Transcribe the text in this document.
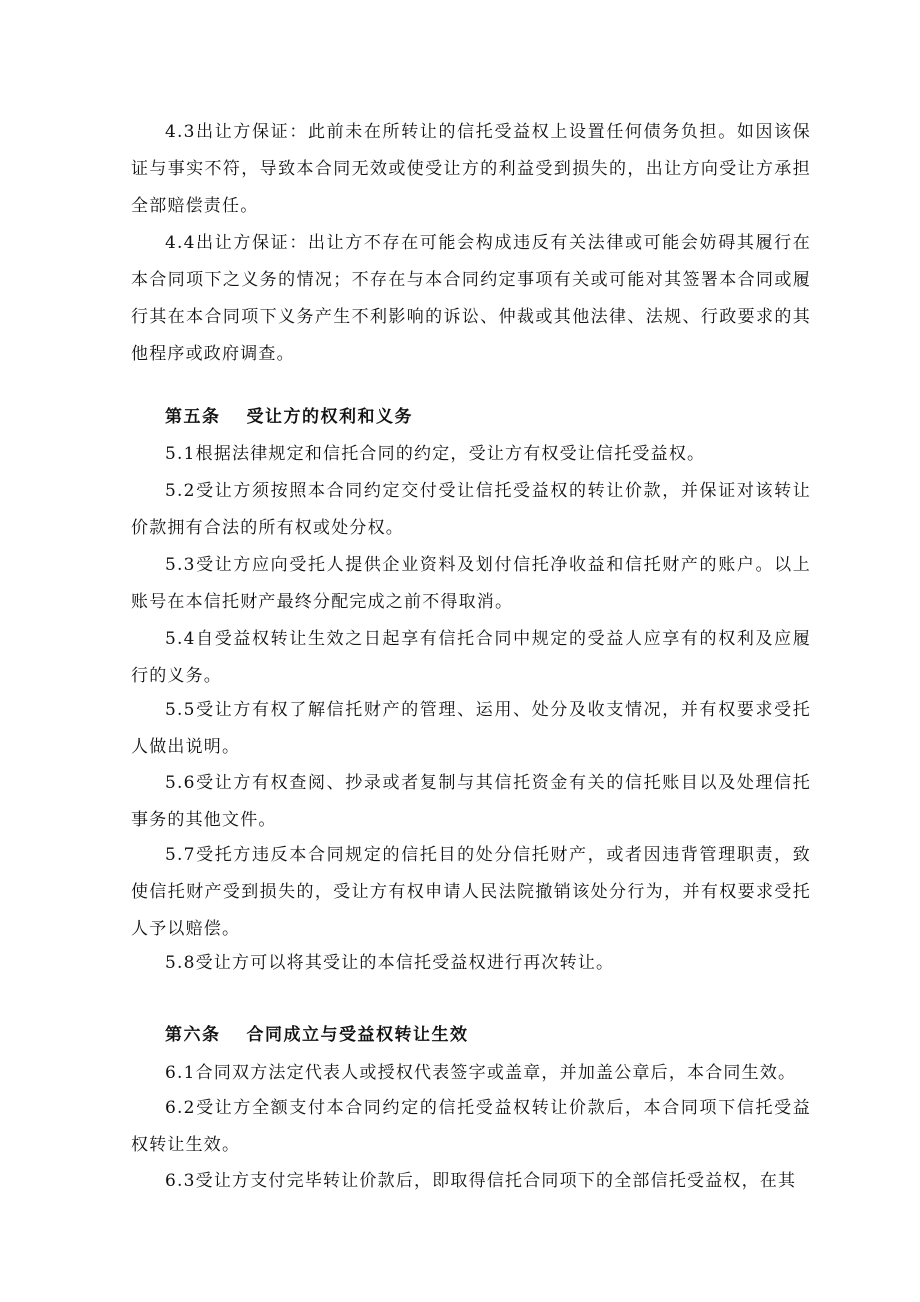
4.3出让方保证：此前未在所转让的信托受益权上设置任何债务负担。如因该保证与事实不符，导致本合同无效或使受让方的利益受到损失的，出让方向受让方承担全部赔偿责任。

4.4出让方保证：出让方不存在可能会构成违反有关法律或可能会妨碍其履行在本合同项下之义务的情况；不存在与本合同约定事项有关或可能对其签署本合同或履行其在本合同项下义务产生不利影响的诉讼、仲裁或其他法律、法规、行政要求的其他程序或政府调查。

第五条 受让方的权利和义务

5.1根据法律规定和信托合同的约定，受让方有权受让信托受益权。

5.2受让方须按照本合同约定交付受让信托受益权的转让价款，并保证对该转让价款拥有合法的所有权或处分权。

5.3受让方应向受托人提供企业资料及划付信托净收益和信托财产的账户。以上账号在本信托财产最终分配完成之前不得取消。

5.4自受益权转让生效之日起享有信托合同中规定的受益人应享有的权利及应履行的义务。

5.5受让方有权了解信托财产的管理、运用、处分及收支情况，并有权要求受托人做出说明。

5.6受让方有权查阅、抄录或者复制与其信托资金有关的信托账目以及处理信托事务的其他文件。

5.7受托方违反本合同规定的信托目的处分信托财产，或者因违背管理职责，致使信托财产受到损失的，受让方有权申请人民法院撤销该处分行为，并有权要求受托人予以赔偿。

5.8受让方可以将其受让的本信托受益权进行再次转让。

第六条 合同成立与受益权转让生效

6.1合同双方法定代表人或授权代表签字或盖章，并加盖公章后，本合同生效。

6.2受让方全额支付本合同约定的信托受益权转让价款后，本合同项下信托受益权转让生效。

6.3受让方支付完毕转让价款后，即取得信托合同项下的全部信托受益权，在其
